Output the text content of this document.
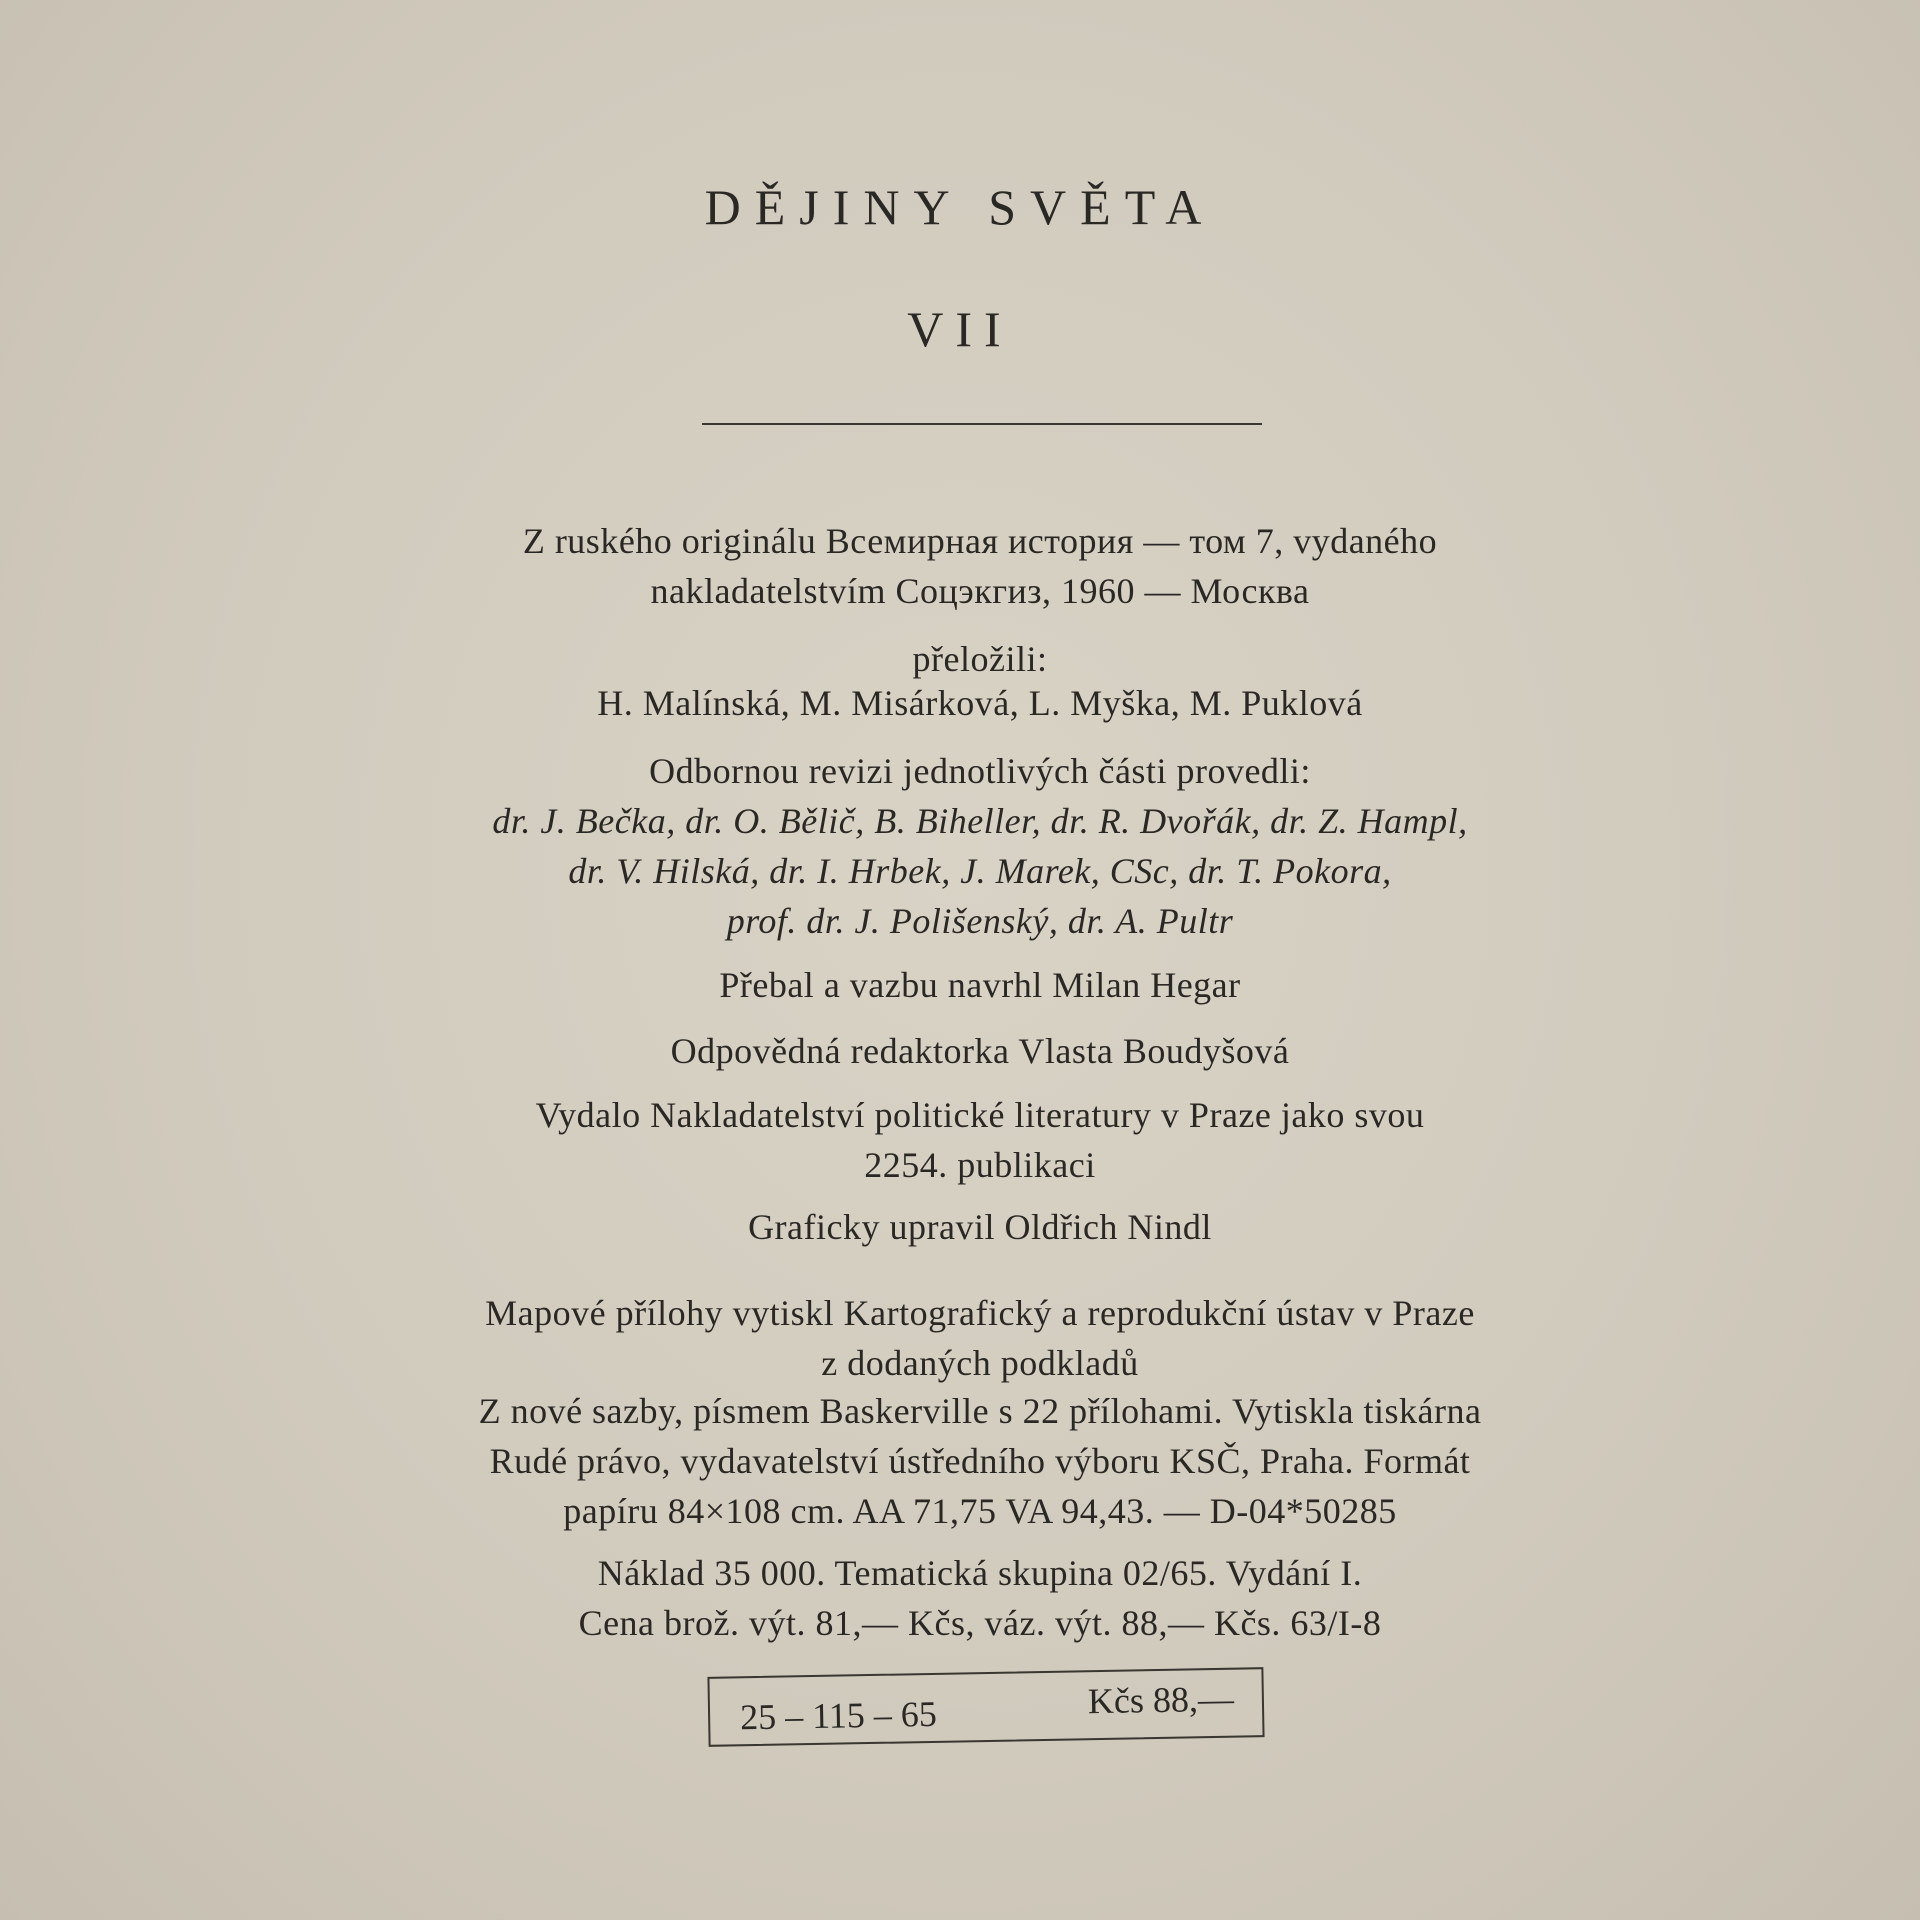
DĚJINY SVĚTA
VII
Z ruského originálu Всемирная история — том 7, vydaného
nakladatelstvím Соцэкгиз, 1960 — Москва
přeložili:
H. Malínská, M. Misárková, L. Myška, M. Puklová
Odbornou revizi jednotlivých části provedli:
dr. J. Bečka, dr. O. Bělič, B. Biheller, dr. R. Dvořák, dr. Z. Hampl,
dr. V. Hilská, dr. I. Hrbek, J. Marek, CSc, dr. T. Pokora,
prof. dr. J. Polišenský, dr. A. Pultr
Přebal a vazbu navrhl Milan Hegar
Odpovědná redaktorka Vlasta Boudyšová
Vydalo Nakladatelství politické literatury v Praze jako svou
2254. publikaci
Graficky upravil Oldřich Nindl
Mapové přílohy vytiskl Kartografický a reprodukční ústav v Praze
z dodaných podkladů
Z nové sazby, písmem Baskerville s 22 přílohami. Vytiskla tiskárna
Rudé právo, vydavatelství ústředního výboru KSČ, Praha. Formát
papíru 84×108 cm. AA 71,75 VA 94,43. — D-04*50285
Náklad 35 000. Tematická skupina 02/65. Vydání I.
Cena brož. výt. 81,— Kčs, váz. výt. 88,— Kčs. 63/I-8
25 – 115 – 65	Kčs 88,—
